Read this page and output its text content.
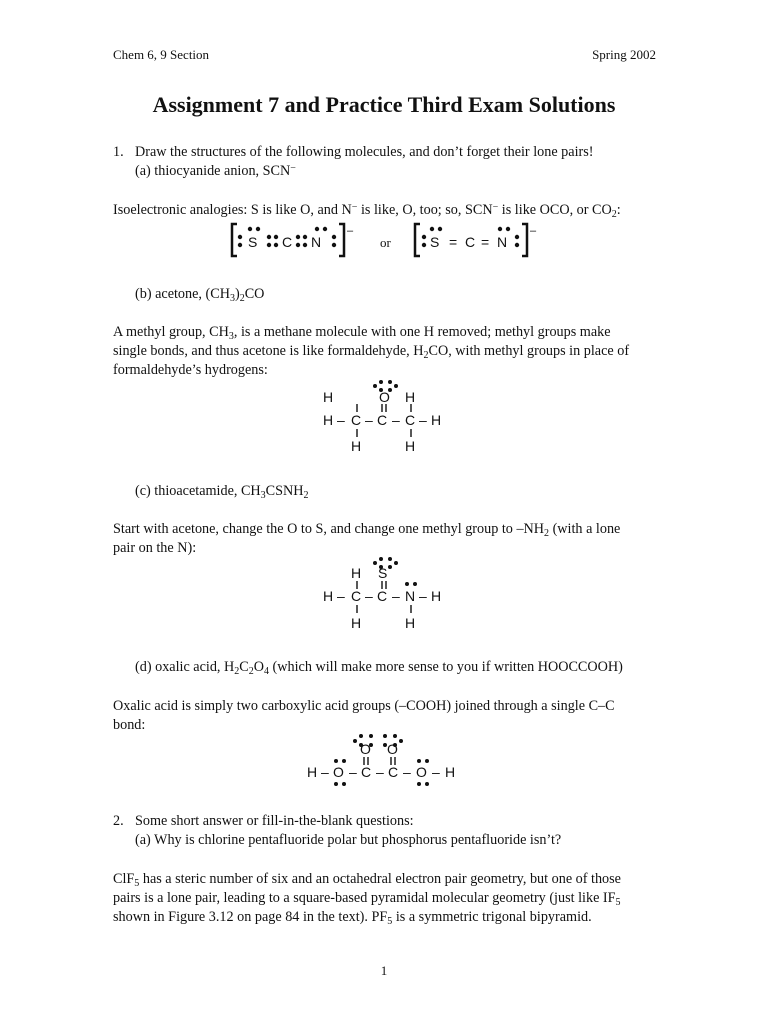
Chem 6, 9 Section	Spring 2002
Assignment 7 and Practice Third Exam Solutions
1. Draw the structures of the following molecules, and don’t forget their lone pairs!
(a) thiocyanide anion, SCN−
Isoelectronic analogies: S is like O, and N− is like, O, too; so, SCN− is like OCO, or $CO_2$:
S C N
–
or	S = C = N
–
(b) acetone, $(CH_3)_2CO$
A methyl group, $CH_3$, is a methane molecule with one H removed; methyl groups make
single bonds, and thus acetone is like formaldehyde, $H_2CO$, with methyl groups in place of
formaldehyde’s hydrogens:
H	O H
H – C – C – C – H
H	H
(c) thioacetamide, $CH_3CSNH_2$
Start with acetone, change the O to S, and change one methyl group to $-NH_2$ (with a lone
pair on the N):
H S
H – C – C – N – H
H	H
(d) oxalic acid, $H_2C_2O_4$ (which will make more sense to you if written HOOCCOOH)
Oxalic acid is simply two carboxylic acid groups (–COOH) joined through a single C–C
bond:
O O
H – O – C – C – O – H
2. Some short answer or fill-in-the-blank questions:
(a) Why is chlorine pentafluoride polar but phosphorus pentafluoride isn’t?
ClF$_5$ has a steric number of six and an octahedral electron pair geometry, but one of those
pairs is a lone pair, leading to a square-based pyramidal molecular geometry (just like $IF_5$
shown in Figure 3.12 on page 84 in the text). $PF_5$ is a symmetric trigonal bipyramid.
1
